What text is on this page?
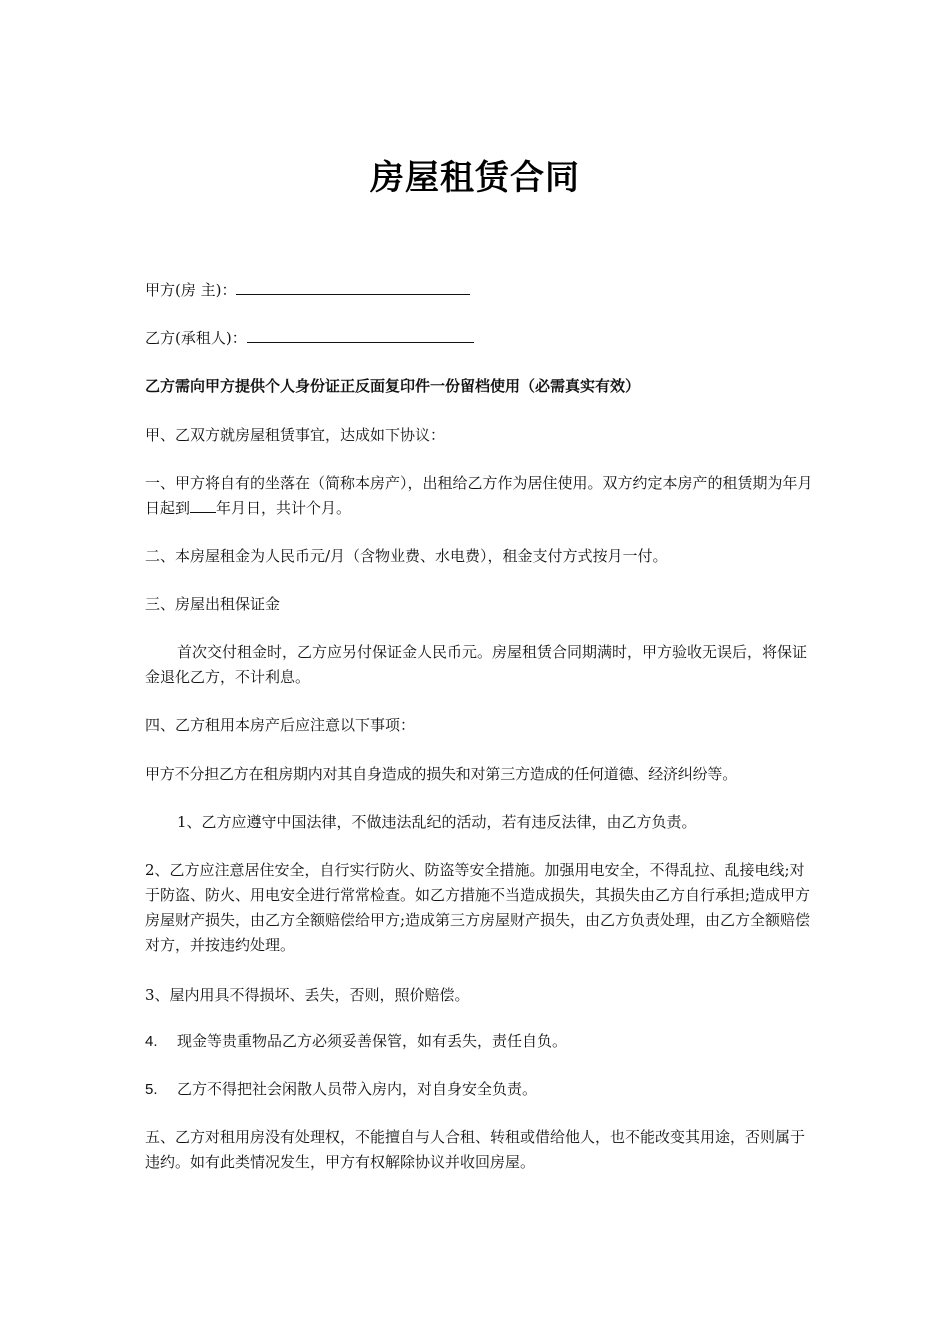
房屋租赁合同
甲方(房 主)：
乙方(承租人)：
乙方需向甲方提供个人身份证正反面复印件一份留档使用（必需真实有效）
甲、乙双方就房屋租赁事宜，达成如下协议：
一、甲方将自有的坐落在（简称本房产），出租给乙方作为居住使用。双方约定本房产的租赁期为年月日起到 年月日，共计个月。
二、本房屋租金为人民币元/月（含物业费、水电费），租金支付方式按月一付。
三、房屋出租保证金
首次交付租金时，乙方应另付保证金人民币元。房屋租赁合同期满时，甲方验收无误后，将保证金退化乙方，不计利息。
四、乙方租用本房产后应注意以下事项：
甲方不分担乙方在租房期内对其自身造成的损失和对第三方造成的任何道德、经济纠纷等。
1、乙方应遵守中国法律，不做违法乱纪的活动，若有违反法律，由乙方负责。
2、乙方应注意居住安全，自行实行防火、防盗等安全措施。加强用电安全，不得乱拉、乱接电线;对于防盗、防火、用电安全进行常常检查。如乙方措施不当造成损失，其损失由乙方自行承担;造成甲方房屋财产损失，由乙方全额赔偿给甲方;造成第三方房屋财产损失，由乙方负责处理，由乙方全额赔偿对方，并按违约处理。
3、屋内用具不得损坏、丢失，否则，照价赔偿。
4. 现金等贵重物品乙方必须妥善保管，如有丢失，责任自负。
5. 乙方不得把社会闲散人员带入房内，对自身安全负责。
五、乙方对租用房没有处理权，不能擅自与人合租、转租或借给他人，也不能改变其用途，否则属于违约。如有此类情况发生，甲方有权解除协议并收回房屋。
